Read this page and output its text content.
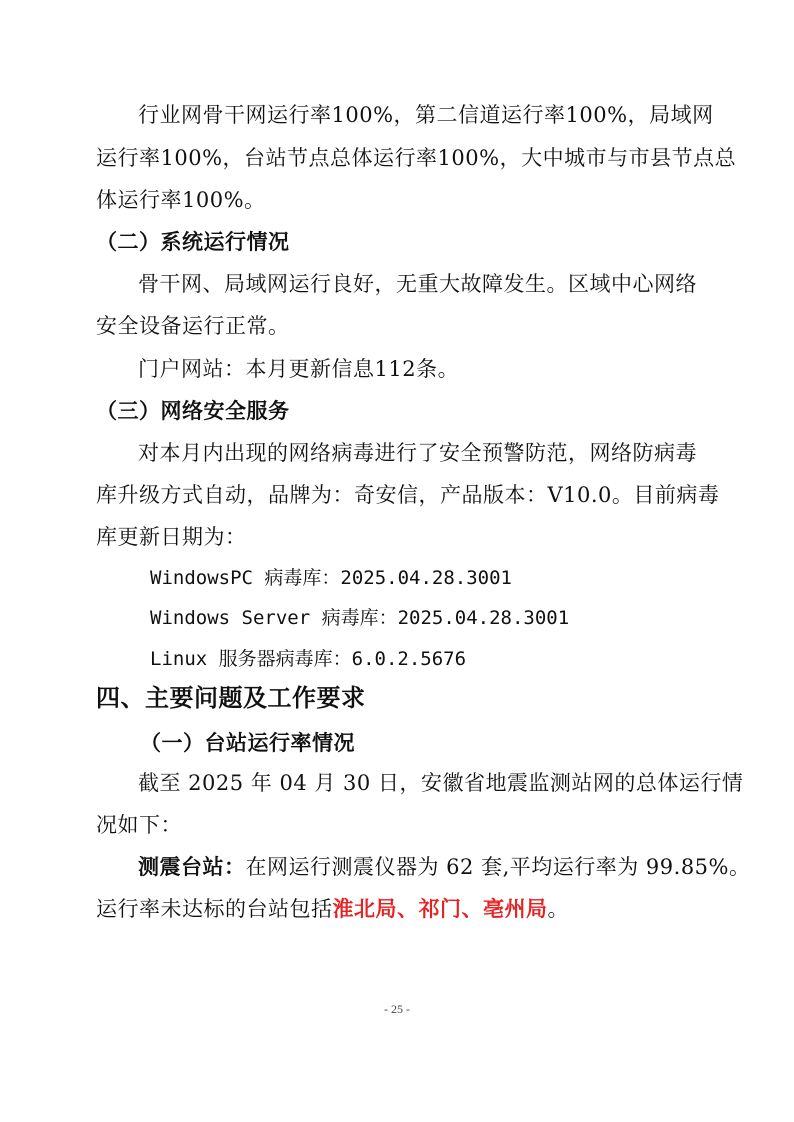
行业网骨干网运行率100%，第二信道运行率100%，局域网
运行率100%，台站节点总体运行率100%，大中城市与市县节点总
体运行率100%。
（二）系统运行情况
骨干网、局域网运行良好，无重大故障发生。区域中心网络
安全设备运行正常。
门户网站：本月更新信息112条。
（三）网络安全服务
对本月内出现的网络病毒进行了安全预警防范，网络防病毒
库升级方式自动，品牌为：奇安信，产品版本：V10.0。目前病毒
库更新日期为：
WindowsPC 病毒库：2025.04.28.3001
Windows Server 病毒库：2025.04.28.3001
Linux 服务器病毒库：6.0.2.5676
四、主要问题及工作要求
（一）台站运行率情况
截至 2025 年 04 月 30 日，安徽省地震监测站网的总体运行情
况如下：
测震台站：在网运行测震仪器为 62 套,平均运行率为 99.85%。
运行率未达标的台站包括淮北局、祁门、亳州局。
- 25 -
